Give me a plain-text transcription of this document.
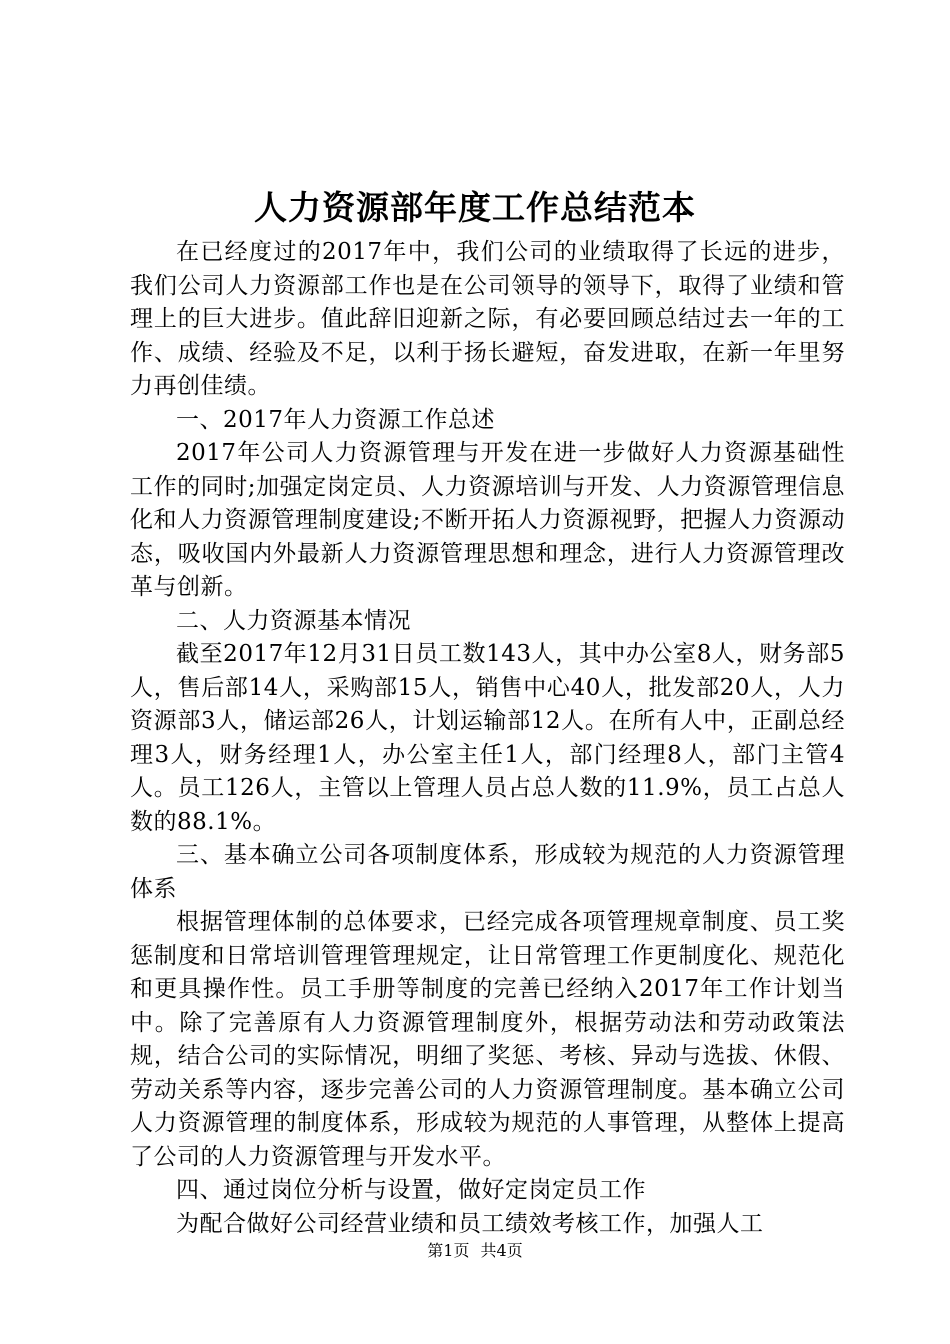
人力资源部年度工作总结范本

在已经度过的2017年中，我们公司的业绩取得了长远的进步，我们公司人力资源部工作也是在公司领导的领导下，取得了业绩和管理上的巨大进步。值此辞旧迎新之际，有必要回顾总结过去一年的工作、成绩、经验及不足，以利于扬长避短，奋发进取，在新一年里努力再创佳绩。

一、2017年人力资源工作总述

2017年公司人力资源管理与开发在进一步做好人力资源基础性工作的同时;加强定岗定员、人力资源培训与开发、人力资源管理信息化和人力资源管理制度建设;不断开拓人力资源视野，把握人力资源动态，吸收国内外最新人力资源管理思想和理念，进行人力资源管理改革与创新。

二、人力资源基本情况

截至2017年12月31日员工数143人，其中办公室8人，财务部5人，售后部14人，采购部15人，销售中心40人，批发部20人，人力资源部3人，储运部26人，计划运输部12人。在所有人中，正副总经理3人，财务经理1人，办公室主任1人，部门经理8人，部门主管4人。员工126人，主管以上管理人员占总人数的11.9%，员工占总人数的88.1%。

三、基本确立公司各项制度体系，形成较为规范的人力资源管理体系

根据管理体制的总体要求，已经完成各项管理规章制度、员工奖惩制度和日常培训管理管理规定，让日常管理工作更制度化、规范化和更具操作性。员工手册等制度的完善已经纳入2017年工作计划当中。除了完善原有人力资源管理制度外，根据劳动法和劳动政策法规，结合公司的实际情况，明细了奖惩、考核、异动与选拔、休假、劳动关系等内容，逐步完善公司的人力资源管理制度。基本确立公司人力资源管理的制度体系，形成较为规范的人事管理，从整体上提高了公司的人力资源管理与开发水平。

四、通过岗位分析与设置，做好定岗定员工作

为配合做好公司经营业绩和员工绩效考核工作，加强人工

第1页 共4页
